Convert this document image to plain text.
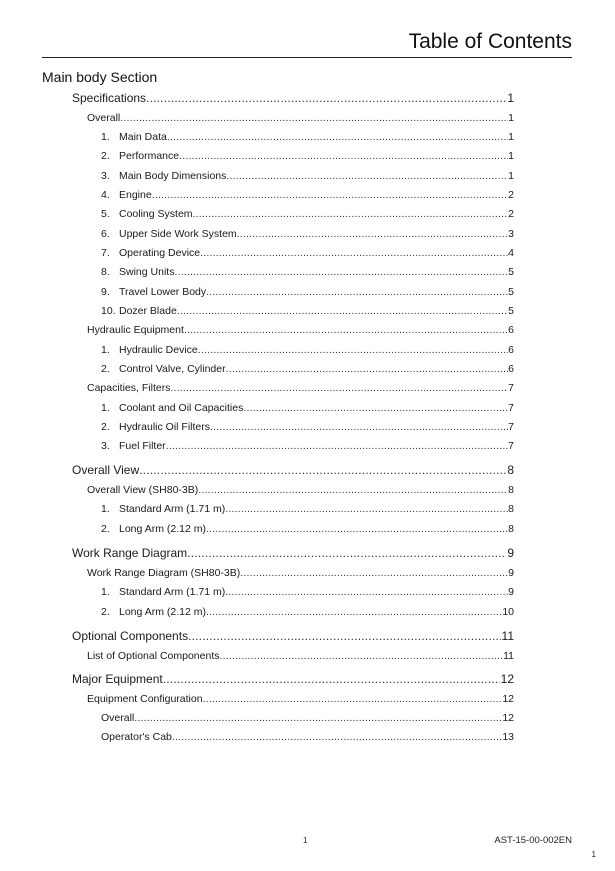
Table of Contents
Main body Section
Specifications .....	1
Overall .....	1
1. Main Data .....	1
2. Performance .....	1
3. Main Body Dimensions .....	1
4. Engine .....	2
5. Cooling System .....	2
6. Upper Side Work System .....	3
7. Operating Device .....	4
8. Swing Units .....	5
9. Travel Lower Body .....	5
10. Dozer Blade .....	5
Hydraulic Equipment .....	6
1. Hydraulic Device .....	6
2. Control Valve, Cylinder .....	6
Capacities, Filters .....	7
1. Coolant and Oil Capacities .....	7
2. Hydraulic Oil Filters .....	7
3. Fuel Filter .....	7
Overall View .....	8
Overall View (SH80-3B) .....	8
1. Standard Arm (1.71 m) .....	8
2. Long Arm (2.12 m) .....	8
Work Range Diagram .....	9
Work Range Diagram (SH80-3B) .....	9
1. Standard Arm (1.71 m) .....	9
2. Long Arm (2.12 m) .....	10
Optional Components .....	11
List of Optional Components .....	11
Major Equipment .....	12
Equipment Configuration .....	12
Overall .....	12
Operator's Cab .....	13
1	AST-15-00-002EN
1
